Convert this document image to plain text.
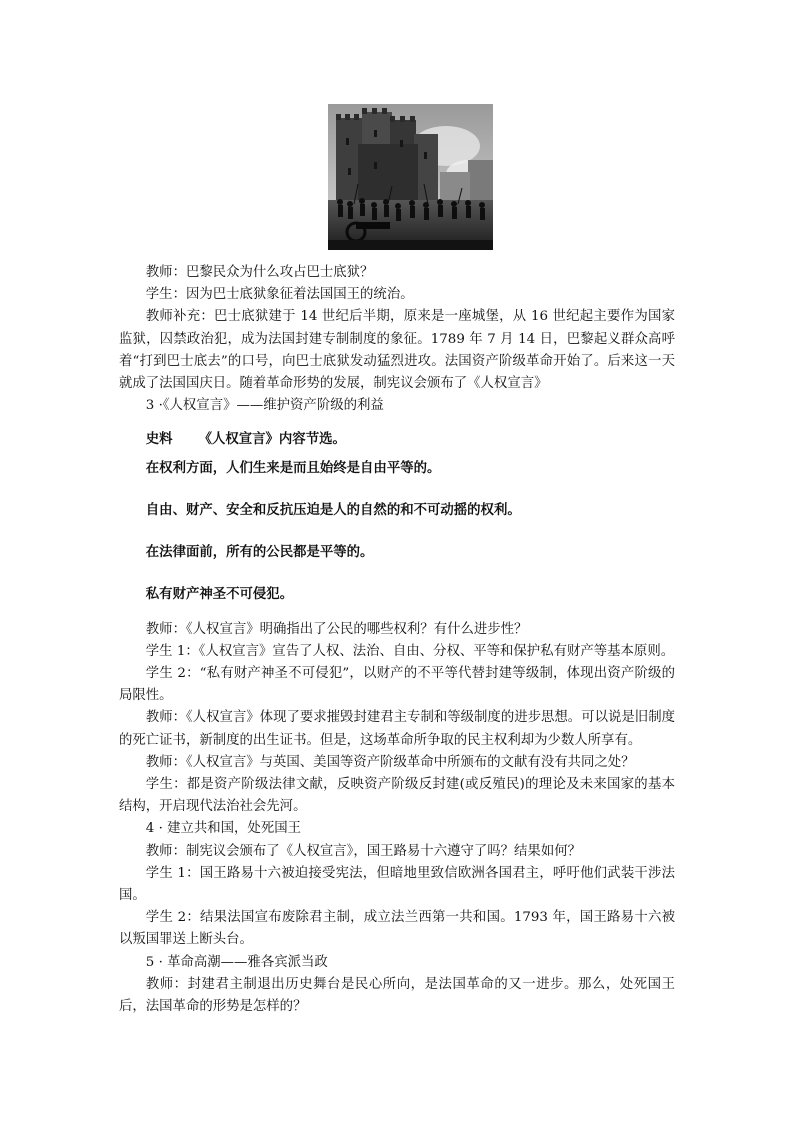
教师：巴黎民众为什么攻占巴士底狱？

学生：因为巴士底狱象征着法国国王的统治。

教师补充：巴士底狱建于 14 世纪后半期，原来是一座城堡，从 16 世纪起主要作为国家监狱，囚禁政治犯，成为法国封建专制制度的象征。1789 年 7 月 14 日，巴黎起义群众高呼着“打到巴士底去”的口号，向巴士底狱发动猛烈进攻。法国资产阶级革命开始了。后来这一天就成了法国国庆日。随着革命形势的发展，制宪议会颁布了《人权宣言》

3 ·《人权宣言》——维护资产阶级的利益

史料 《人权宣言》内容节选。

在权利方面，人们生来是而且始终是自由平等的。

自由、财产、安全和反抗压迫是人的自然的和不可动摇的权利。

在法律面前，所有的公民都是平等的。

私有财产神圣不可侵犯。

教师：《人权宣言》明确指出了公民的哪些权利？有什么进步性？

学生 1：《人权宣言》宣告了人权、法治、自由、分权、平等和保护私有财产等基本原则。

学生 2：“私有财产神圣不可侵犯”，以财产的不平等代替封建等级制，体现出资产阶级的局限性。

教师：《人权宣言》体现了要求摧毁封建君主专制和等级制度的进步思想。可以说是旧制度的死亡证书，新制度的出生证书。但是，这场革命所争取的民主权利却为少数人所享有。

教师：《人权宣言》与英国、美国等资产阶级革命中所颁布的文献有没有共同之处？

学生：都是资产阶级法律文献，反映资产阶级反封建(或反殖民)的理论及未来国家的基本结构，开启现代法治社会先河。

4 · 建立共和国，处死国王

教师：制宪议会颁布了《人权宣言》，国王路易十六遵守了吗？结果如何？

学生 1：国王路易十六被迫接受宪法，但暗地里致信欧洲各国君主，呼吁他们武装干涉法国。

学生 2：结果法国宣布废除君主制，成立法兰西第一共和国。1793 年，国王路易十六被以叛国罪送上断头台。

5 · 革命高潮——雅各宾派当政

教师：封建君主制退出历史舞台是民心所向，是法国革命的又一进步。那么，处死国王后，法国革命的形势是怎样的？
